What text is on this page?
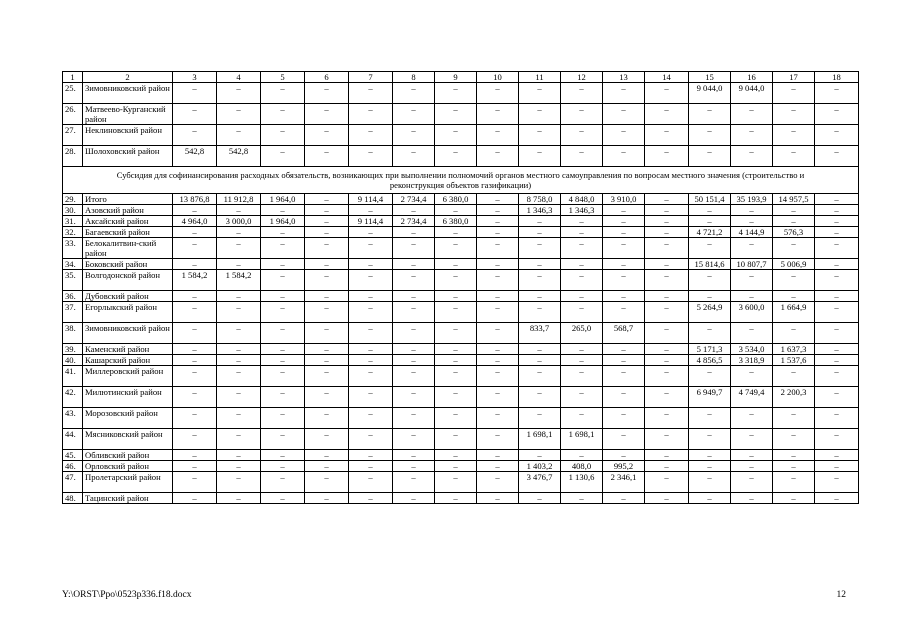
1	2	3	4	5	6	7	8	9	10	11	12	13	14	15	16	17	18
25.	Зимовниковский район	–	–	–	–	–	–	–	–	–	–	–	–	9 044,0	9 044,0	–	–
26.	Матвеево-Курганский район	–	–	–	–	–	–	–	–	–	–	–	–	–	–	–	–
27.	Неклиновский район	–	–	–	–	–	–	–	–	–	–	–	–	–	–	–	–
28.	Шолоховский район	542,8	542,8	–	–	–	–	–	–	–	–	–	–	–	–	–	–
Субсидия для софинансирования расходных обязательств, возникающих при выполнении полномочий органов местного самоуправления по вопросам местного значения (строительство и реконструкция объектов газификации)																	
29.	Итого	13 876,8	11 912,8	1 964,0	–	9 114,4	2 734,4	6 380,0	–	8 758,0	4 848,0	3 910,0	–	50 151,4	35 193,9	14 957,5	–
30.	Азовский район	–	–	–	–	–	–	–	–	1 346,3	1 346,3	–	–	–	–	–	–
31.	Аксайский район	4 964,0	3 000,0	1 964,0	–	9 114,4	2 734,4	6 380,0	–	–	–	–	–	–	–	–	–
32.	Багаевский район	–	–	–	–	–	–	–	–	–	–	–	–	4 721,2	4 144,9	576,3	–
33.	Белокалитвин-ский район	–	–	–	–	–	–	–	–	–	–	–	–	–	–	–	–
34.	Боковский район	–	–	–	–	–	–	–	–	–	–	–	–	15 814,6	10 807,7	5 006,9	–
35.	Волгодонской район	1 584,2	1 584,2	–	–	–	–	–	–	–	–	–	–	–	–	–	–
36.	Дубовский район	–	–	–	–	–	–	–	–	–	–	–	–	–	–	–	–
37.	Егорлыкский район	–	–	–	–	–	–	–	–	–	–	–	–	5 264,9	3 600,0	1 664,9	–
38.	Зимовниковский район	–	–	–	–	–	–	–	–	833,7	265,0	568,7	–	–	–	–	–
39.	Каменский район	–	–	–	–	–	–	–	–	–	–	–	–	5 171,3	3 534,0	1 637,3	–
40.	Кашарский район	–	–	–	–	–	–	–	–	–	–	–	–	4 856,5	3 318,9	1 537,6	–
41.	Миллеровский район	–	–	–	–	–	–	–	–	–	–	–	–	–	–	–	–
42.	Милютинский район	–	–	–	–	–	–	–	–	–	–	–	–	6 949,7	4 749,4	2 200,3	–
43.	Морозовский район	–	–	–	–	–	–	–	–	–	–	–	–	–	–	–	–
44.	Мясниковский район	–	–	–	–	–	–	–	–	1 698,1	1 698,1	–	–	–	–	–	–
45.	Обливский район	–	–	–	–	–	–	–	–	–	–	–	–	–	–	–	–
46.	Орловский район	–	–	–	–	–	–	–	–	1 403,2	408,0	995,2	–	–	–	–	–
47.	Пролетарский район	–	–	–	–	–	–	–	–	3 476,7	1 130,6	2 346,1	–	–	–	–	–
48.	Тацинский район	–	–	–	–	–	–	–	–	–	–	–	–	–	–	–	–
Y:\ORST\Ppo\0523p336.f18.docx	12
